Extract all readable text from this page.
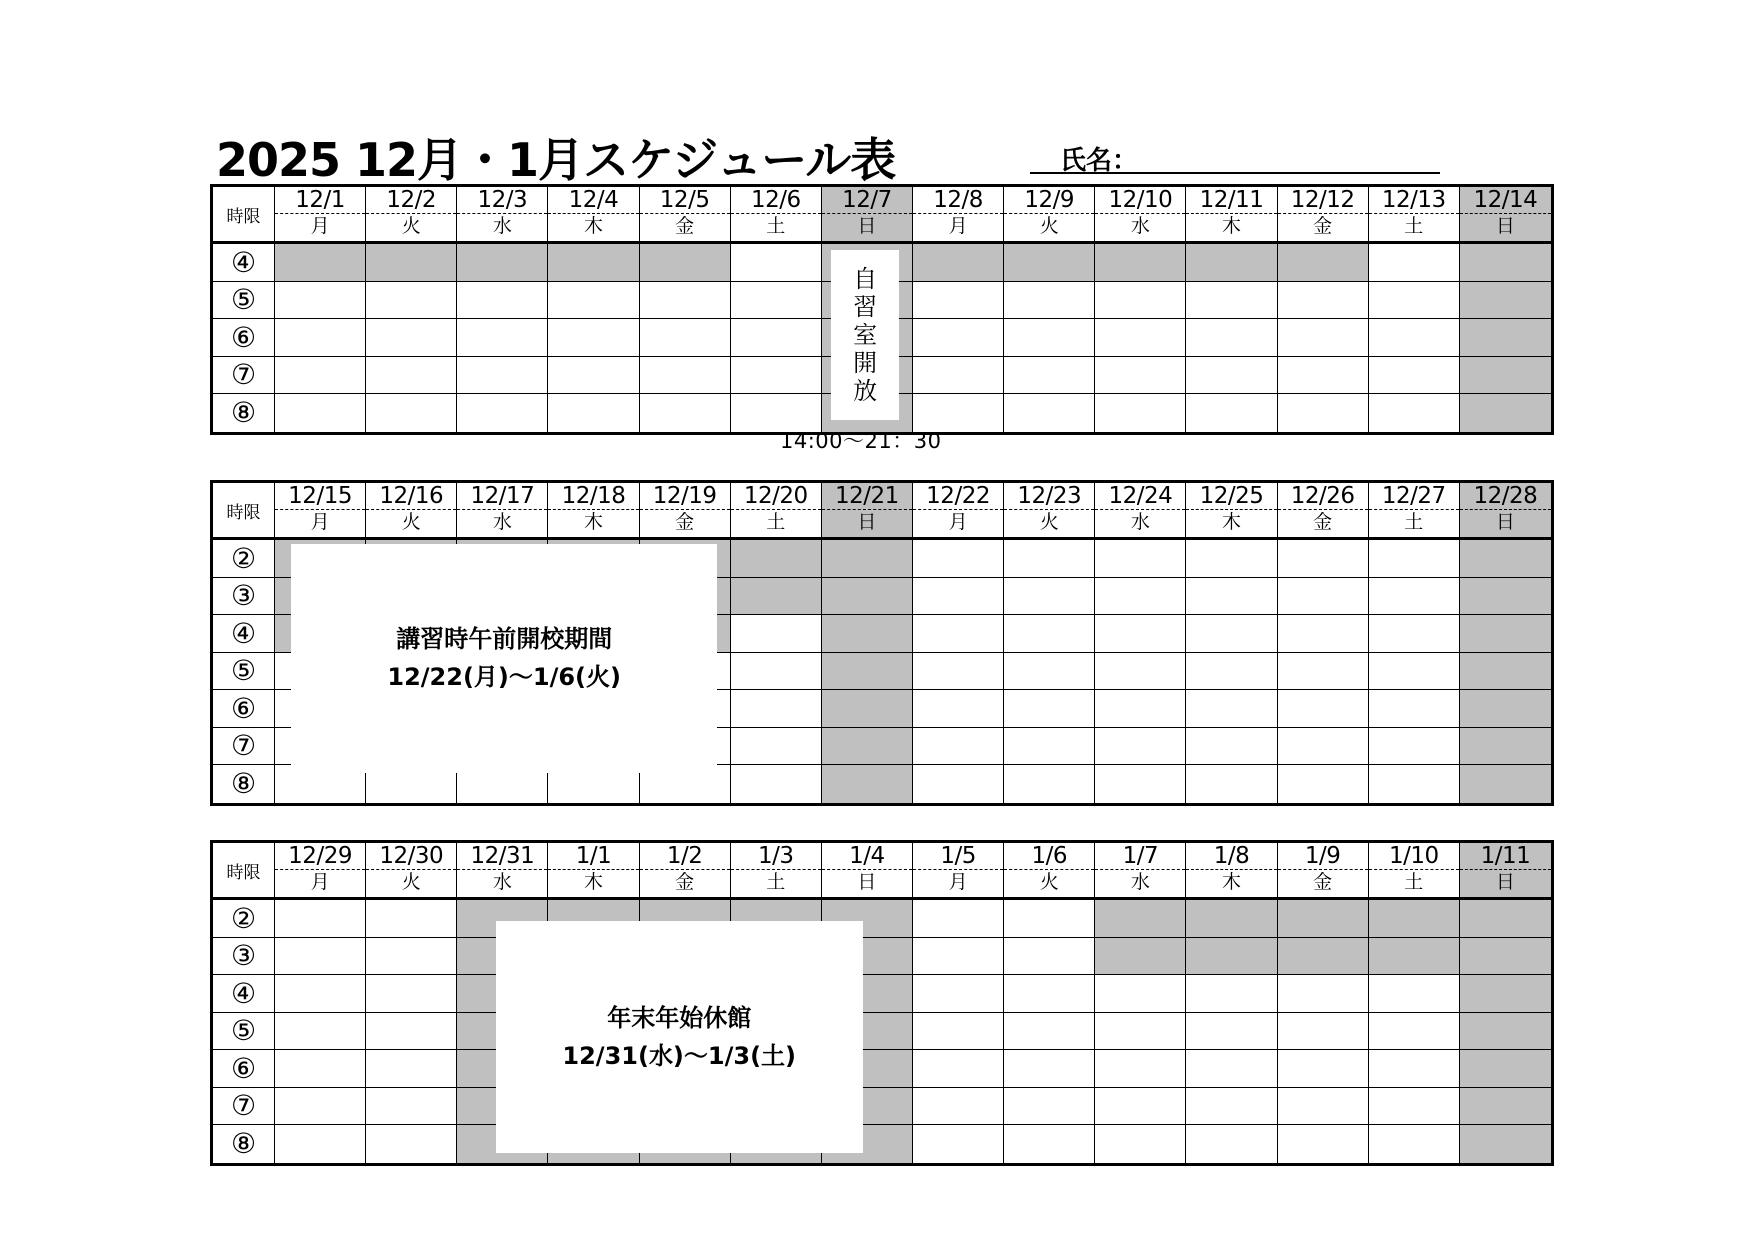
2025 12月・1月スケジュール表	氏名：
時限
12/1
月
12/2
火
12/3
水
12/4
木
12/5
金
12/6
土
12/7
日
12/8
月
12/9
火
12/10
水
12/11
木
12/12
金
12/13
土
12/14
日
④
⑤
⑥
⑦
⑧
自
習
室
開
放
14:00～21：30
時限
12/15
月
12/16
火
12/17
水
12/18
木
12/19
金
12/20
土
12/21
日
12/22
月
12/23
火
12/24
水
12/25
木
12/26
金
12/27
土
12/28
日
②
③
④
⑤
⑥
⑦
⑧
講習時午前開校期間
12/22(月)～1/6(火)
時限
12/29
月
12/30
火
12/31
水
1/1
木
1/2
金
1/3
土
1/4
日
1/5
月
1/6
火
1/7
水
1/8
木
1/9
金
1/10
土
1/11
日
②
③
④
⑤
⑥
⑦
⑧
年末年始休館
12/31(水)～1/3(土)
